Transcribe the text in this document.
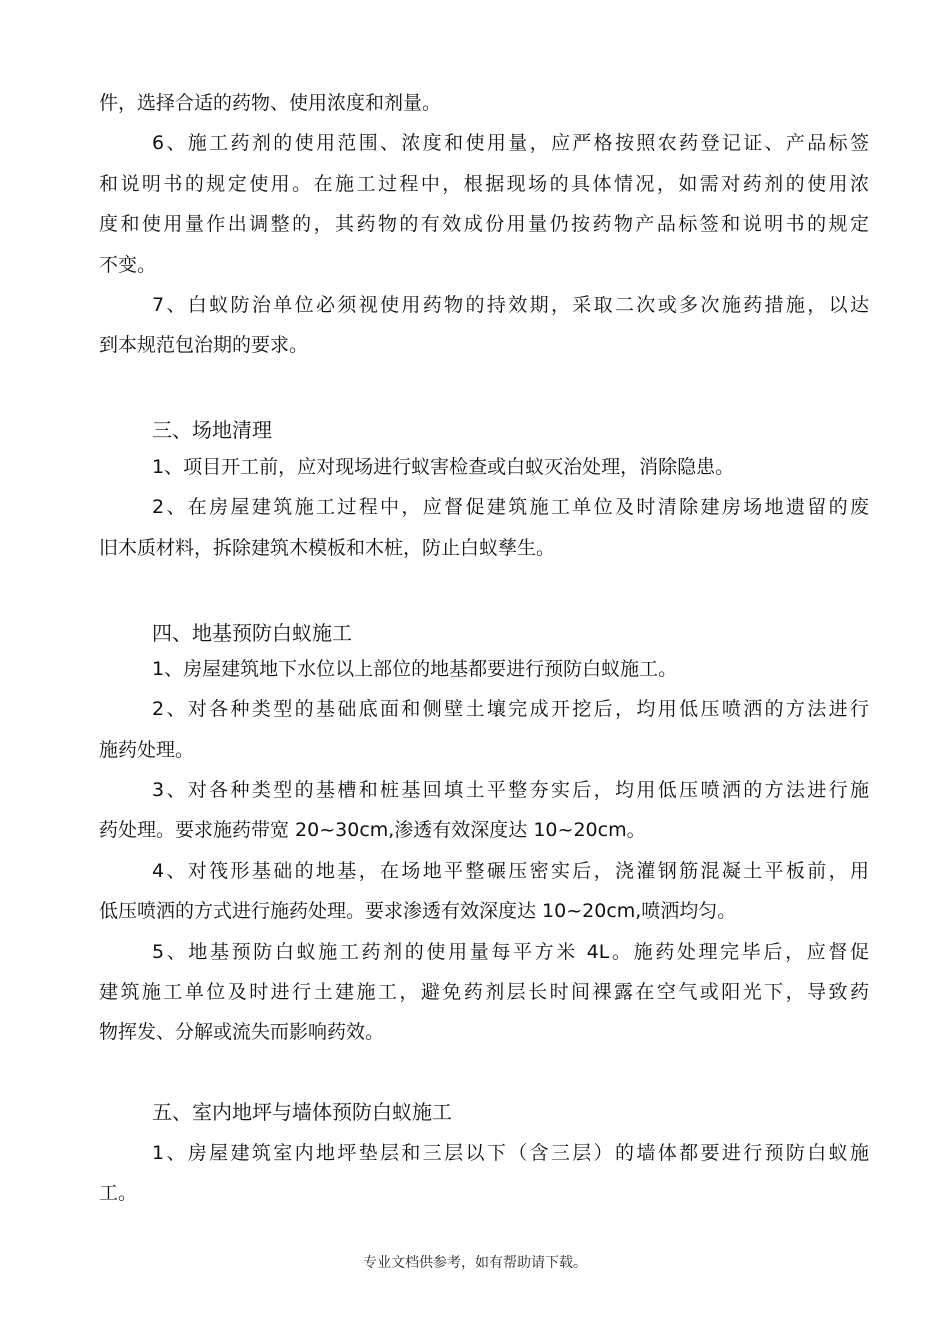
件，选择合适的药物、使用浓度和剂量。
6、施工药剂的使用范围、浓度和使用量，应严格按照农药登记证、产品标签
和说明书的规定使用。在施工过程中，根据现场的具体情况，如需对药剂的使用浓
度和使用量作出调整的，其药物的有效成份用量仍按药物产品标签和说明书的规定
不变。
7、白蚁防治单位必须视使用药物的持效期，采取二次或多次施药措施，以达
到本规范包治期的要求。
三、场地清理
1、项目开工前，应对现场进行蚁害检查或白蚁灭治处理，消除隐患。
2、在房屋建筑施工过程中，应督促建筑施工单位及时清除建房场地遗留的废
旧木质材料，拆除建筑木模板和木桩，防止白蚁孳生。
四、地基预防白蚁施工
1、房屋建筑地下水位以上部位的地基都要进行预防白蚁施工。
2、对各种类型的基础底面和侧壁土壤完成开挖后，均用低压喷洒的方法进行
施药处理。
3、对各种类型的基槽和桩基回填土平整夯实后，均用低压喷洒的方法进行施
药处理。要求施药带宽 20~30cm,渗透有效深度达 10~20cm。
4、对筏形基础的地基，在场地平整碾压密实后，浇灌钢筋混凝土平板前，用
低压喷洒的方式进行施药处理。要求渗透有效深度达 10~20cm,喷洒均匀。
5、地基预防白蚁施工药剂的使用量每平方米 4L。施药处理完毕后，应督促
建筑施工单位及时进行土建施工，避免药剂层长时间裸露在空气或阳光下，导致药
物挥发、分解或流失而影响药效。
五、室内地坪与墙体预防白蚁施工
1、房屋建筑室内地坪垫层和三层以下（含三层）的墙体都要进行预防白蚁施
工。
专业文档供参考，如有帮助请下载。
